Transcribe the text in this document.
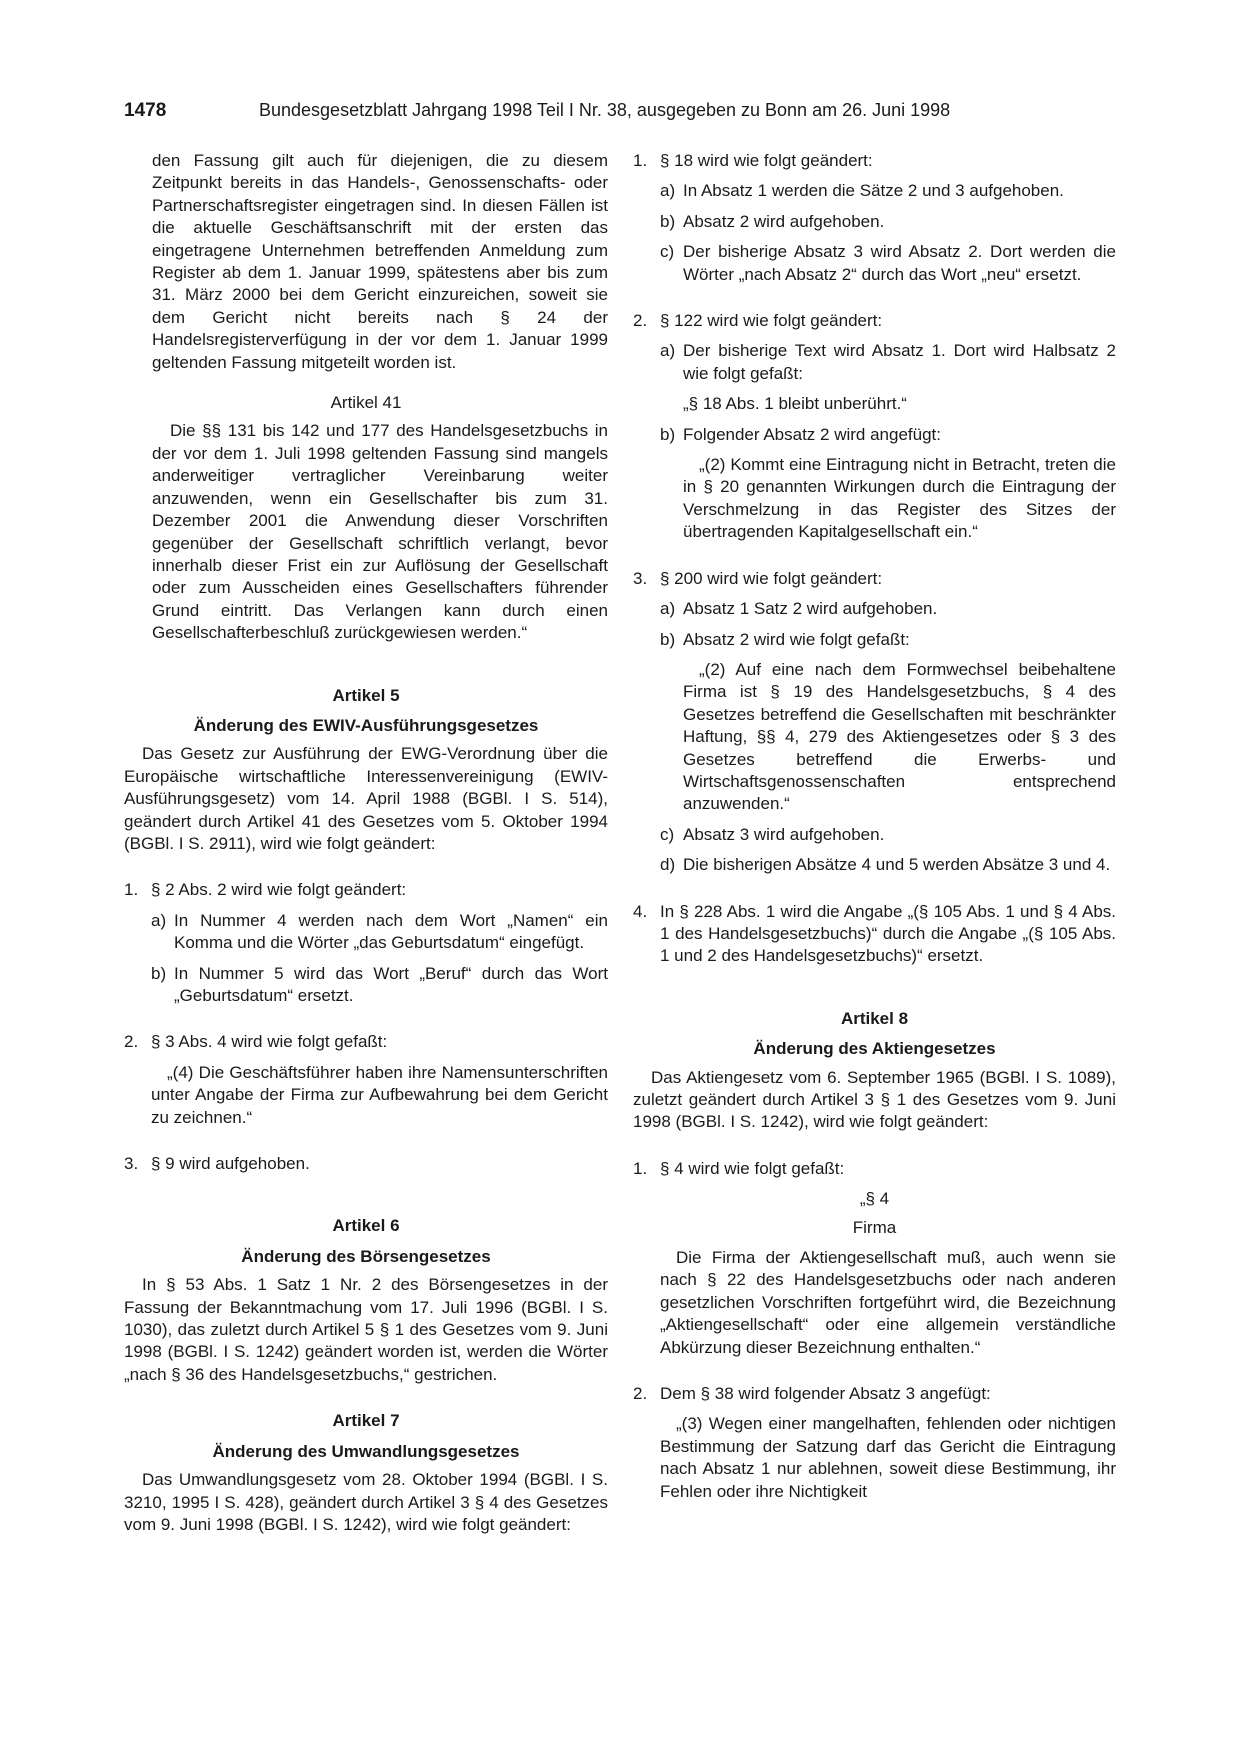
1478	Bundesgesetzblatt Jahrgang 1998 Teil I Nr. 38, ausgegeben zu Bonn am 26. Juni 1998

den Fassung gilt auch für diejenigen, die zu diesem Zeitpunkt bereits in das Handels-, Genossenschafts- oder Partnerschaftsregister eingetragen sind. In diesen Fällen ist die aktuelle Geschäftsanschrift mit der ersten das eingetragene Unternehmen betreffenden Anmeldung zum Register ab dem 1. Januar 1999, spätestens aber bis zum 31. März 2000 bei dem Gericht einzureichen, soweit sie dem Gericht nicht bereits nach § 24 der Handelsregisterverfügung in der vor dem 1. Januar 1999 geltenden Fassung mitgeteilt worden ist.

Artikel 41

Die §§ 131 bis 142 und 177 des Handelsgesetzbuchs in der vor dem 1. Juli 1998 geltenden Fassung sind mangels anderweitiger vertraglicher Vereinbarung weiter anzuwenden, wenn ein Gesellschafter bis zum 31. Dezember 2001 die Anwendung dieser Vorschriften gegenüber der Gesellschaft schriftlich verlangt, bevor innerhalb dieser Frist ein zur Auflösung der Gesellschaft oder zum Ausscheiden eines Gesellschafters führender Grund eintritt. Das Verlangen kann durch einen Gesellschafterbeschluß zurückgewiesen werden.“

Artikel 5

Änderung des EWIV-Ausführungsgesetzes

Das Gesetz zur Ausführung der EWG-Verordnung über die Europäische wirtschaftliche Interessenvereinigung (EWIV-Ausführungsgesetz) vom 14. April 1988 (BGBl. I S. 514), geändert durch Artikel 41 des Gesetzes vom 5. Oktober 1994 (BGBl. I S. 2911), wird wie folgt geändert:

1. § 2 Abs. 2 wird wie folgt geändert:
a) In Nummer 4 werden nach dem Wort „Namen“ ein Komma und die Wörter „das Geburtsdatum“ eingefügt.
b) In Nummer 5 wird das Wort „Beruf“ durch das Wort „Geburtsdatum“ ersetzt.
2. § 3 Abs. 4 wird wie folgt gefaßt:

„(4) Die Geschäftsführer haben ihre Namensunterschriften unter Angabe der Firma zur Aufbewahrung bei dem Gericht zu zeichnen.“

3. § 9 wird aufgehoben.

Artikel 6

Änderung des Börsengesetzes

In § 53 Abs. 1 Satz 1 Nr. 2 des Börsengesetzes in der Fassung der Bekanntmachung vom 17. Juli 1996 (BGBl. I S. 1030), das zuletzt durch Artikel 5 § 1 des Gesetzes vom 9. Juni 1998 (BGBl. I S. 1242) geändert worden ist, werden die Wörter „nach § 36 des Handelsgesetzbuchs,“ gestrichen.

Artikel 7

Änderung des Umwandlungsgesetzes

Das Umwandlungsgesetz vom 28. Oktober 1994 (BGBl. I S. 3210, 1995 I S. 428), geändert durch Artikel 3 § 4 des Gesetzes vom 9. Juni 1998 (BGBl. I S. 1242), wird wie folgt geändert:

1. § 18 wird wie folgt geändert:
a) In Absatz 1 werden die Sätze 2 und 3 aufgehoben.
b) Absatz 2 wird aufgehoben.
c) Der bisherige Absatz 3 wird Absatz 2. Dort werden die Wörter „nach Absatz 2“ durch das Wort „neu“ ersetzt.
2. § 122 wird wie folgt geändert:
a) Der bisherige Text wird Absatz 1. Dort wird Halbsatz 2 wie folgt gefaßt:

„§ 18 Abs. 1 bleibt unberührt.“

b) Folgender Absatz 2 wird angefügt:

„(2) Kommt eine Eintragung nicht in Betracht, treten die in § 20 genannten Wirkungen durch die Eintragung der Verschmelzung in das Register des Sitzes der übertragenden Kapitalgesellschaft ein.“

3. § 200 wird wie folgt geändert:
a) Absatz 1 Satz 2 wird aufgehoben.
b) Absatz 2 wird wie folgt gefaßt:

„(2) Auf eine nach dem Formwechsel beibehaltene Firma ist § 19 des Handelsgesetzbuchs, § 4 des Gesetzes betreffend die Gesellschaften mit beschränkter Haftung, §§ 4, 279 des Aktiengesetzes oder § 3 des Gesetzes betreffend die Erwerbs- und Wirtschaftsgenossenschaften entsprechend anzuwenden.“

c) Absatz 3 wird aufgehoben.
d) Die bisherigen Absätze 4 und 5 werden Absätze 3 und 4.
4. In § 228 Abs. 1 wird die Angabe „(§ 105 Abs. 1 und § 4 Abs. 1 des Handelsgesetzbuchs)“ durch die Angabe „(§ 105 Abs. 1 und 2 des Handelsgesetzbuchs)“ ersetzt.

Artikel 8

Änderung des Aktiengesetzes

Das Aktiengesetz vom 6. September 1965 (BGBl. I S. 1089), zuletzt geändert durch Artikel 3 § 1 des Gesetzes vom 9. Juni 1998 (BGBl. I S. 1242), wird wie folgt geändert:

1. § 4 wird wie folgt gefaßt:

„§ 4

Firma

Die Firma der Aktiengesellschaft muß, auch wenn sie nach § 22 des Handelsgesetzbuchs oder nach anderen gesetzlichen Vorschriften fortgeführt wird, die Bezeichnung „Aktiengesellschaft“ oder eine allgemein verständliche Abkürzung dieser Bezeichnung enthalten.“

2. Dem § 38 wird folgender Absatz 3 angefügt:

„(3) Wegen einer mangelhaften, fehlenden oder nichtigen Bestimmung der Satzung darf das Gericht die Eintragung nach Absatz 1 nur ablehnen, soweit diese Bestimmung, ihr Fehlen oder ihre Nichtigkeit
